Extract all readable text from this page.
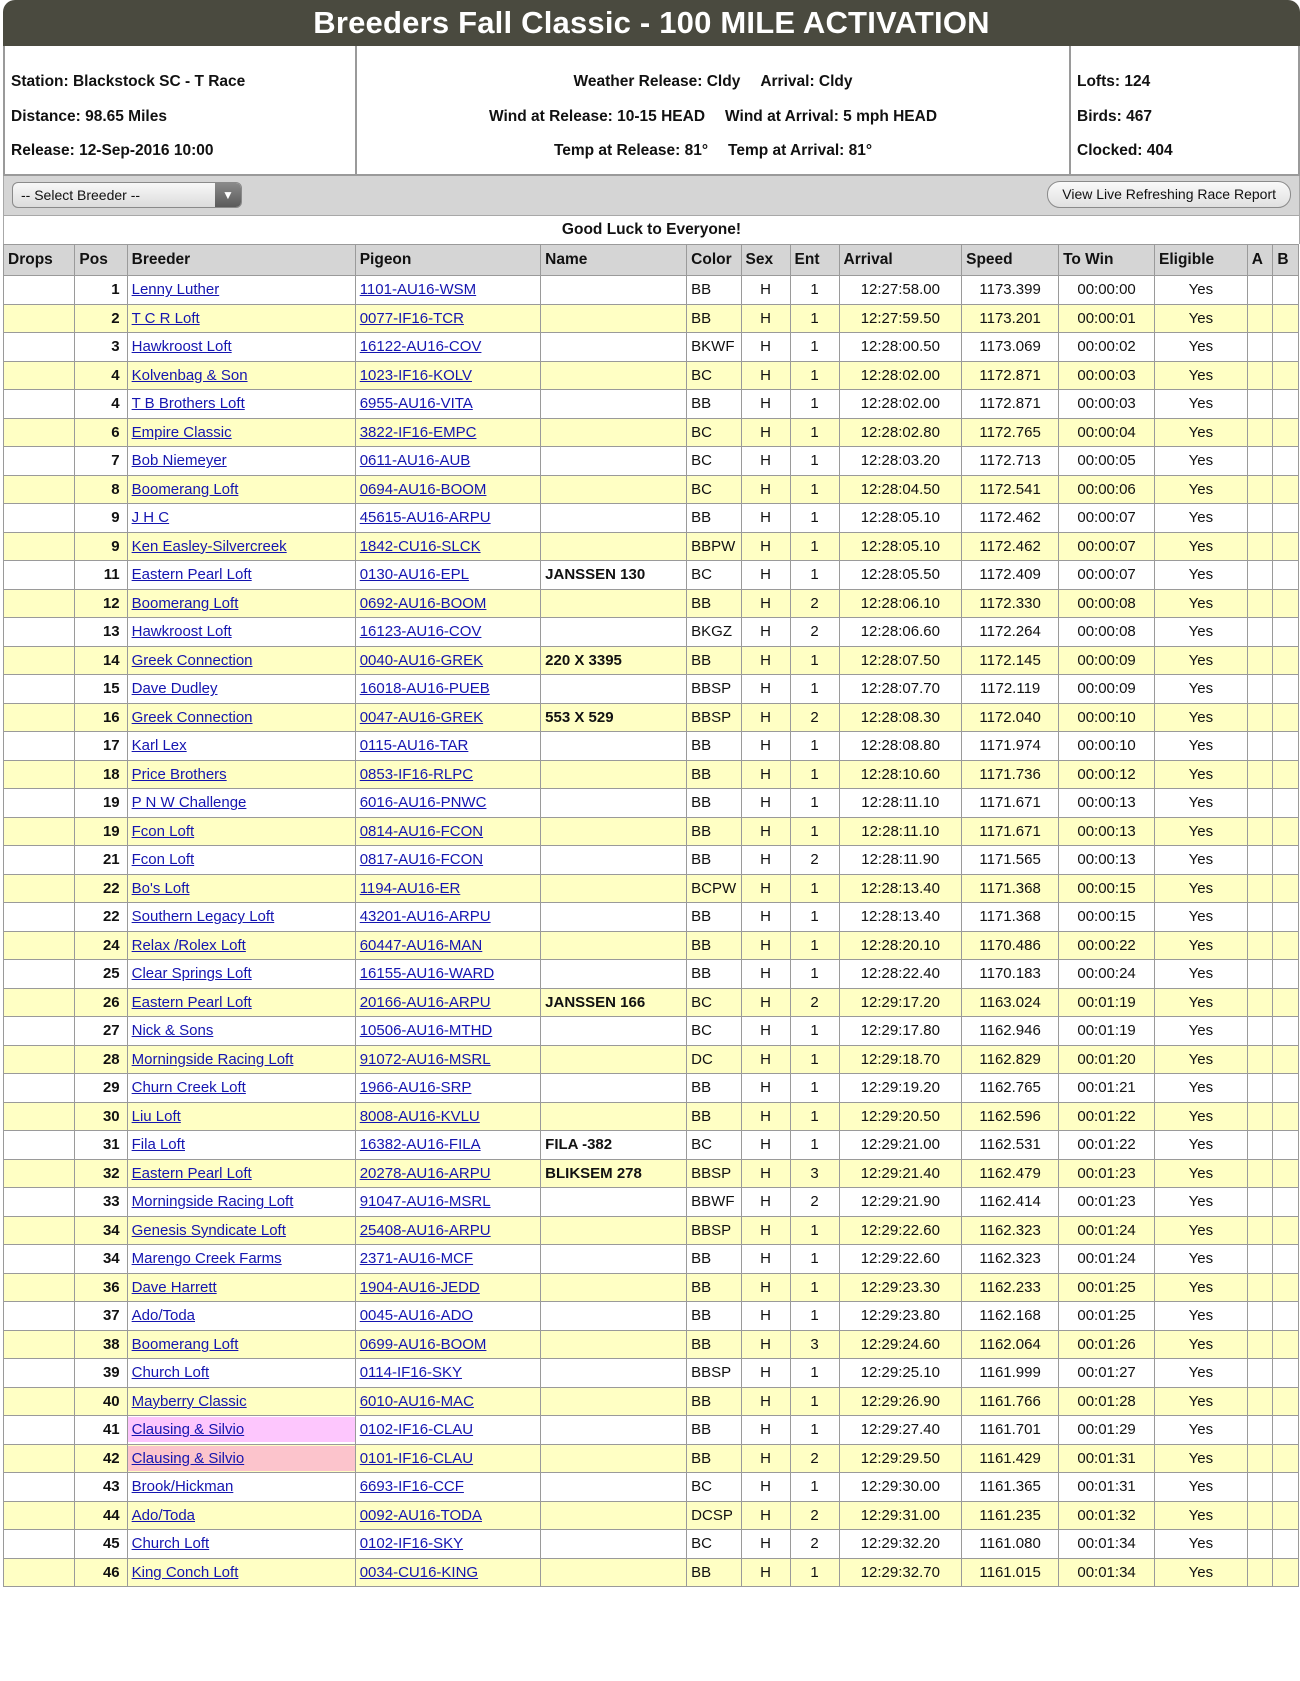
Breeders Fall Classic - 100 MILE ACTIVATION
Station: Blackstock SC - T Race
Distance: 98.65 Miles
Release: 12-Sep-2016 10:00
Weather Release: Cldy Arrival: Cldy
Wind at Release: 10-15 HEAD Wind at Arrival: 5 mph HEAD
Temp at Release: 81° Temp at Arrival: 81°
Lofts: 124
Birds: 467
Clocked: 404
-- Select Breeder --	▼	View Live Refreshing Race Report
Good Luck to Everyone!
Drops	Pos	Breeder	Pigeon	Name	Color	Sex	Ent	Arrival	Speed	To Win	Eligible	A	B
	1	Lenny Luther	1101-AU16-WSM		BB	H	1	12:27:58.00	1173.399	00:00:00	Yes		
	2	T C R Loft	0077-IF16-TCR		BB	H	1	12:27:59.50	1173.201	00:00:01	Yes		
	3	Hawkroost Loft	16122-AU16-COV		BKWF	H	1	12:28:00.50	1173.069	00:00:02	Yes		
	4	Kolvenbag & Son	1023-IF16-KOLV		BC	H	1	12:28:02.00	1172.871	00:00:03	Yes		
	4	T B Brothers Loft	6955-AU16-VITA		BB	H	1	12:28:02.00	1172.871	00:00:03	Yes		
	6	Empire Classic	3822-IF16-EMPC		BC	H	1	12:28:02.80	1172.765	00:00:04	Yes		
	7	Bob Niemeyer	0611-AU16-AUB		BC	H	1	12:28:03.20	1172.713	00:00:05	Yes		
	8	Boomerang Loft	0694-AU16-BOOM		BC	H	1	12:28:04.50	1172.541	00:00:06	Yes		
	9	J H C	45615-AU16-ARPU		BB	H	1	12:28:05.10	1172.462	00:00:07	Yes		
	9	Ken Easley-Silvercreek	1842-CU16-SLCK		BBPW	H	1	12:28:05.10	1172.462	00:00:07	Yes		
	11	Eastern Pearl Loft	0130-AU16-EPL	JANSSEN 130	BC	H	1	12:28:05.50	1172.409	00:00:07	Yes		
	12	Boomerang Loft	0692-AU16-BOOM		BB	H	2	12:28:06.10	1172.330	00:00:08	Yes		
	13	Hawkroost Loft	16123-AU16-COV		BKGZ	H	2	12:28:06.60	1172.264	00:00:08	Yes		
	14	Greek Connection	0040-AU16-GREK	220 X 3395	BB	H	1	12:28:07.50	1172.145	00:00:09	Yes		
	15	Dave Dudley	16018-AU16-PUEB		BBSP	H	1	12:28:07.70	1172.119	00:00:09	Yes		
	16	Greek Connection	0047-AU16-GREK	553 X 529	BBSP	H	2	12:28:08.30	1172.040	00:00:10	Yes		
	17	Karl Lex	0115-AU16-TAR		BB	H	1	12:28:08.80	1171.974	00:00:10	Yes		
	18	Price Brothers	0853-IF16-RLPC		BB	H	1	12:28:10.60	1171.736	00:00:12	Yes		
	19	P N W Challenge	6016-AU16-PNWC		BB	H	1	12:28:11.10	1171.671	00:00:13	Yes		
	19	Fcon Loft	0814-AU16-FCON		BB	H	1	12:28:11.10	1171.671	00:00:13	Yes		
	21	Fcon Loft	0817-AU16-FCON		BB	H	2	12:28:11.90	1171.565	00:00:13	Yes		
	22	Bo's Loft	1194-AU16-ER		BCPW	H	1	12:28:13.40	1171.368	00:00:15	Yes		
	22	Southern Legacy Loft	43201-AU16-ARPU		BB	H	1	12:28:13.40	1171.368	00:00:15	Yes		
	24	Relax /Rolex Loft	60447-AU16-MAN		BB	H	1	12:28:20.10	1170.486	00:00:22	Yes		
	25	Clear Springs Loft	16155-AU16-WARD		BB	H	1	12:28:22.40	1170.183	00:00:24	Yes		
	26	Eastern Pearl Loft	20166-AU16-ARPU	JANSSEN 166	BC	H	2	12:29:17.20	1163.024	00:01:19	Yes		
	27	Nick & Sons	10506-AU16-MTHD		BC	H	1	12:29:17.80	1162.946	00:01:19	Yes		
	28	Morningside Racing Loft	91072-AU16-MSRL		DC	H	1	12:29:18.70	1162.829	00:01:20	Yes		
	29	Churn Creek Loft	1966-AU16-SRP		BB	H	1	12:29:19.20	1162.765	00:01:21	Yes		
	30	Liu Loft	8008-AU16-KVLU		BB	H	1	12:29:20.50	1162.596	00:01:22	Yes		
	31	Fila Loft	16382-AU16-FILA	FILA -382	BC	H	1	12:29:21.00	1162.531	00:01:22	Yes		
	32	Eastern Pearl Loft	20278-AU16-ARPU	BLIKSEM 278	BBSP	H	3	12:29:21.40	1162.479	00:01:23	Yes		
	33	Morningside Racing Loft	91047-AU16-MSRL		BBWF	H	2	12:29:21.90	1162.414	00:01:23	Yes		
	34	Genesis Syndicate Loft	25408-AU16-ARPU		BBSP	H	1	12:29:22.60	1162.323	00:01:24	Yes		
	34	Marengo Creek Farms	2371-AU16-MCF		BB	H	1	12:29:22.60	1162.323	00:01:24	Yes		
	36	Dave Harrett	1904-AU16-JEDD		BB	H	1	12:29:23.30	1162.233	00:01:25	Yes		
	37	Ado/Toda	0045-AU16-ADO		BB	H	1	12:29:23.80	1162.168	00:01:25	Yes		
	38	Boomerang Loft	0699-AU16-BOOM		BB	H	3	12:29:24.60	1162.064	00:01:26	Yes		
	39	Church Loft	0114-IF16-SKY		BBSP	H	1	12:29:25.10	1161.999	00:01:27	Yes		
	40	Mayberry Classic	6010-AU16-MAC		BB	H	1	12:29:26.90	1161.766	00:01:28	Yes		
	41	Clausing & Silvio	0102-IF16-CLAU		BB	H	1	12:29:27.40	1161.701	00:01:29	Yes		
	42	Clausing & Silvio	0101-IF16-CLAU		BB	H	2	12:29:29.50	1161.429	00:01:31	Yes		
	43	Brook/Hickman	6693-IF16-CCF		BC	H	1	12:29:30.00	1161.365	00:01:31	Yes		
	44	Ado/Toda	0092-AU16-TODA		DCSP	H	2	12:29:31.00	1161.235	00:01:32	Yes		
	45	Church Loft	0102-IF16-SKY		BC	H	2	12:29:32.20	1161.080	00:01:34	Yes		
	46	King Conch Loft	0034-CU16-KING		BB	H	1	12:29:32.70	1161.015	00:01:34	Yes		
